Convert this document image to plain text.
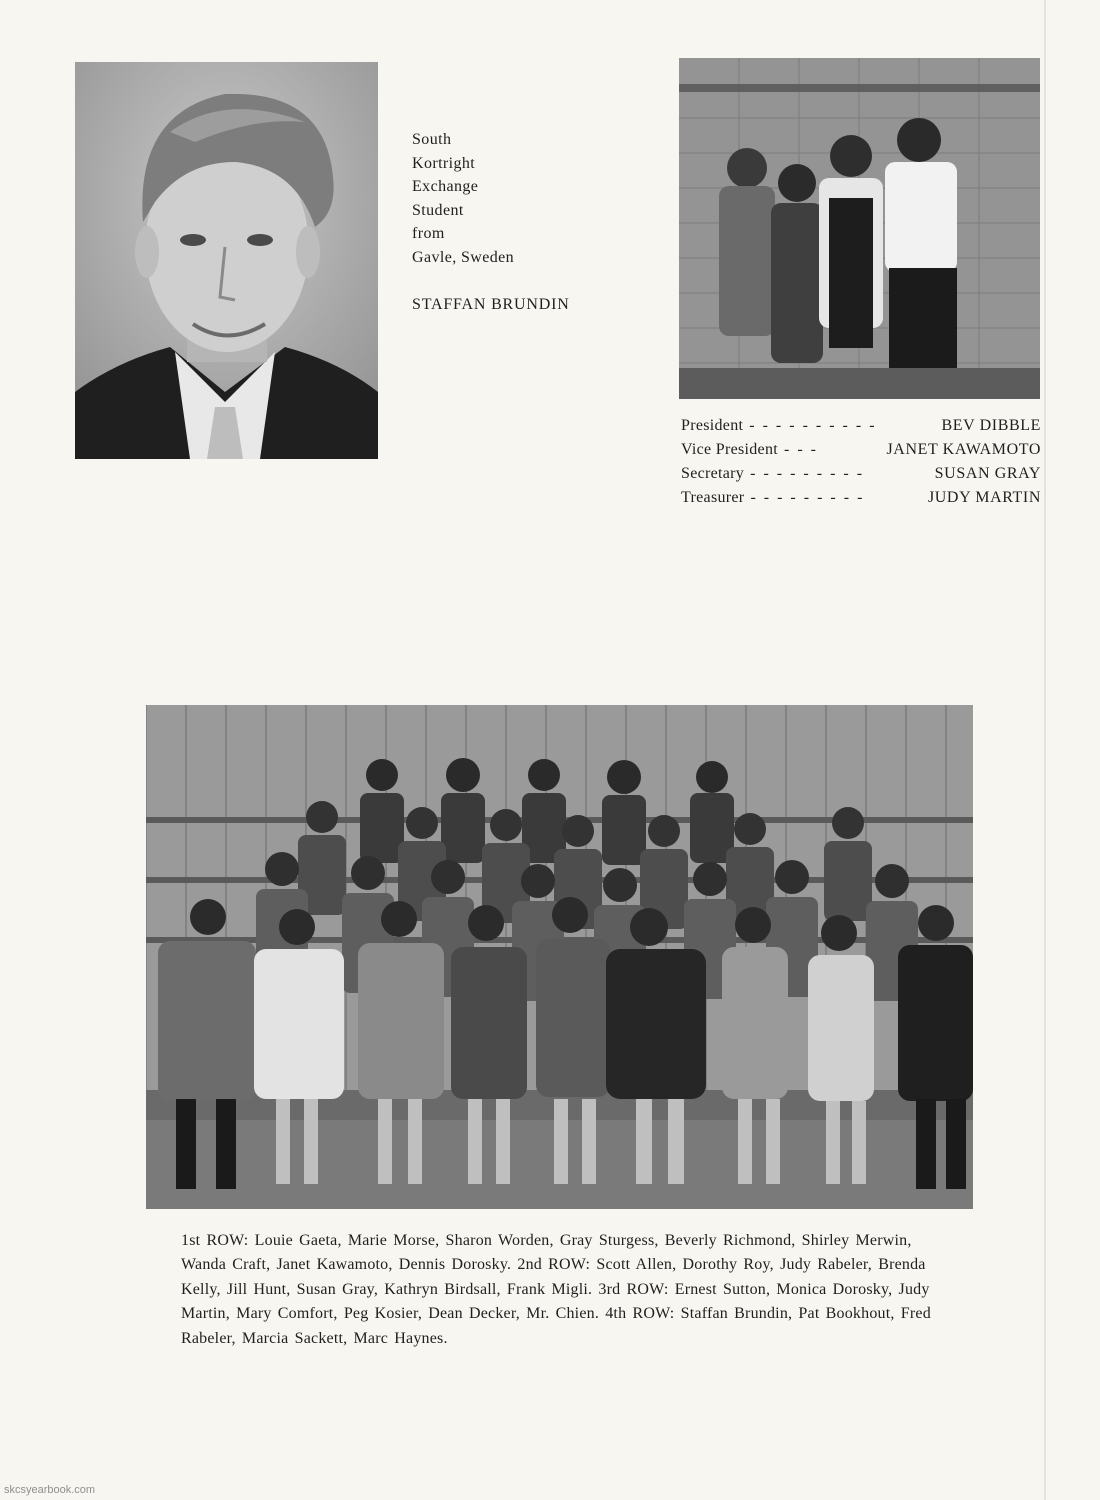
South
Kortright
Exchange
Student
from
Gavle, Sweden
STAFFAN BRUNDIN
President - - - - - - - - - -	BEV DIBBLE
Vice President - - -	JANET KAWAMOTO
Secretary - - - - - - - - -	SUSAN GRAY
Treasurer - - - - - - - - -	JUDY MARTIN
1st ROW: Louie Gaeta, Marie Morse, Sharon Worden, Gray Sturgess, Beverly Richmond, Shirley Merwin, Wanda Craft, Janet Kawamoto, Dennis Dorosky. 2nd ROW: Scott Allen, Dorothy Roy, Judy Rabeler, Brenda Kelly, Jill Hunt, Susan Gray, Kathryn Birdsall, Frank Migli. 3rd ROW: Ernest Sutton, Monica Dorosky, Judy Martin, Mary Comfort, Peg Kosier, Dean Decker, Mr. Chien. 4th ROW: Staffan Brundin, Pat Bookhout, Fred Rabeler, Marcia Sackett, Marc Haynes.
skcsyearbook.com
